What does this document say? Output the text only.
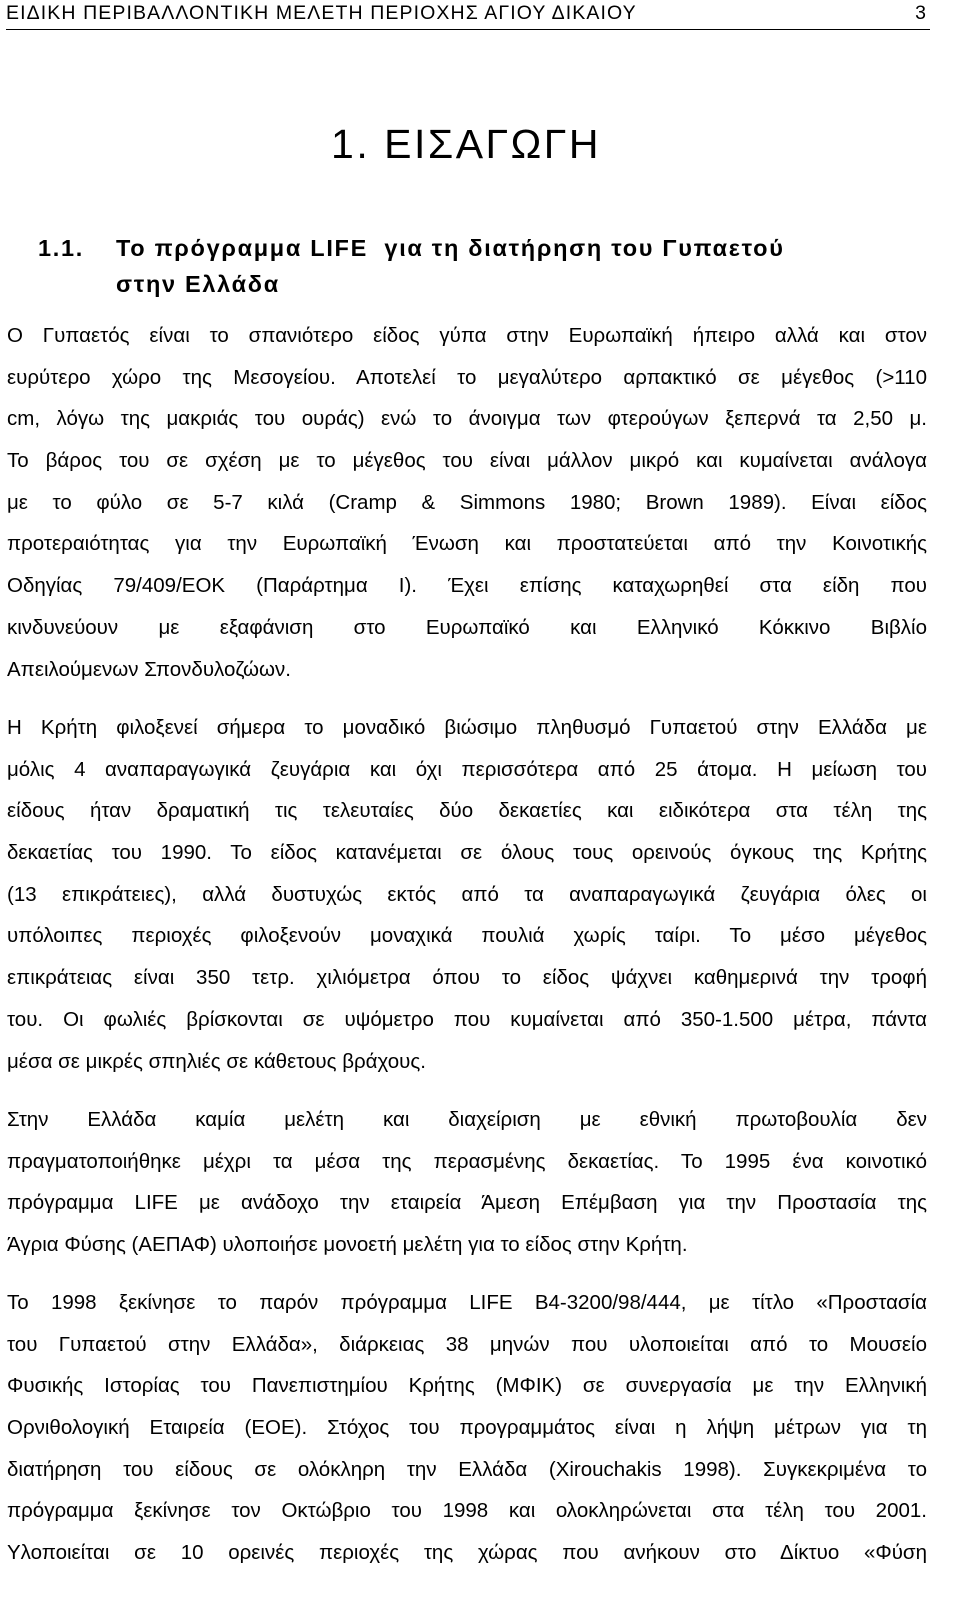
ΕΙΔΙΚΗ ΠΕΡΙΒΑΛΛΟΝΤΙΚΗ ΜΕΛΕΤΗ ΠΕΡΙΟΧΗΣ ΑΓΙΟΥ ΔΙΚΑΙΟΥ	3
1. ΕΙΣΑΓΩΓΗ
1.1. Το πρόγραμμα LIFE  για τη διατήρηση του Γυπαετού
στην Ελλάδα
Ο Γυπαετός είναι το σπανιότερο είδος γύπα στην Ευρωπαϊκή ήπειρο αλλά και στον
ευρύτερο χώρο της Μεσογείου. Αποτελεί το μεγαλύτερο αρπακτικό σε μέγεθος (>110
cm, λόγω της μακριάς του ουράς) ενώ το άνοιγμα των φτερούγων ξεπερνά τα 2,50 μ.
Το βάρος του σε σχέση με το μέγεθος του είναι μάλλον μικρό και κυμαίνεται ανάλογα
με το φύλο σε 5-7 κιλά (Cramp & Simmons 1980; Brown 1989). Είναι είδος
προτεραιότητας για την Ευρωπαϊκή Ένωση και προστατεύεται από την Κοινοτικής
Οδηγίας 79/409/ΕΟΚ (Παράρτημα Ι). Έχει επίσης καταχωρηθεί στα είδη που
κινδυνεύουν με εξαφάνιση στο Ευρωπαϊκό και Ελληνικό Κόκκινο Βιβλίο
Απειλούμενων Σπονδυλοζώων.
Η Κρήτη φιλοξενεί σήμερα το μοναδικό βιώσιμο πληθυσμό Γυπαετού στην Ελλάδα με
μόλις 4 αναπαραγωγικά ζευγάρια και όχι περισσότερα από 25 άτομα. Η μείωση του
είδους ήταν δραματική τις τελευταίες δύο δεκαετίες και ειδικότερα στα τέλη της
δεκαετίας του 1990. Το είδος κατανέμεται σε όλους τους ορεινούς όγκους της Κρήτης
(13 επικράτειες), αλλά δυστυχώς εκτός από τα αναπαραγωγικά ζευγάρια όλες οι
υπόλοιπες περιοχές φιλοξενούν μοναχικά πουλιά χωρίς ταίρι. Το μέσο μέγεθος
επικράτειας είναι 350 τετρ. χιλιόμετρα όπου το είδος ψάχνει καθημερινά την τροφή
του. Οι φωλιές βρίσκονται σε υψόμετρο που κυμαίνεται από 350-1.500 μέτρα, πάντα
μέσα σε μικρές σπηλιές σε κάθετους βράχους.
Στην Ελλάδα καμία μελέτη και διαχείριση με εθνική πρωτοβουλία δεν
πραγματοποιήθηκε μέχρι τα μέσα της περασμένης δεκαετίας. Το 1995 ένα κοινοτικό
πρόγραμμα LIFE με ανάδοχο την εταιρεία Άμεση Επέμβαση για την Προστασία της
Άγρια Φύσης (ΑΕΠΑΦ) υλοποιήσε μονοετή μελέτη για το είδος στην Κρήτη.
Το 1998 ξεκίνησε το παρόν πρόγραμμα LIFE B4-3200/98/444, με τίτλο «Προστασία
του Γυπαετού στην Ελλάδα», διάρκειας 38 μηνών που υλοποιείται από το Μουσείο
Φυσικής Ιστορίας του Πανεπιστημίου Κρήτης (ΜΦΙΚ) σε συνεργασία με την Ελληνική
Ορνιθολογική Εταιρεία (ΕΟΕ). Στόχος του προγραμμάτος είναι η λήψη μέτρων για τη
διατήρηση του είδους σε ολόκληρη την Ελλάδα (Xirouchakis 1998). Συγκεκριμένα το
πρόγραμμα ξεκίνησε τον Οκτώβριο του 1998 και ολοκληρώνεται στα τέλη του 2001.
Υλοποιείται σε 10 ορεινές περιοχές της χώρας που ανήκουν στο Δίκτυο «Φύση
